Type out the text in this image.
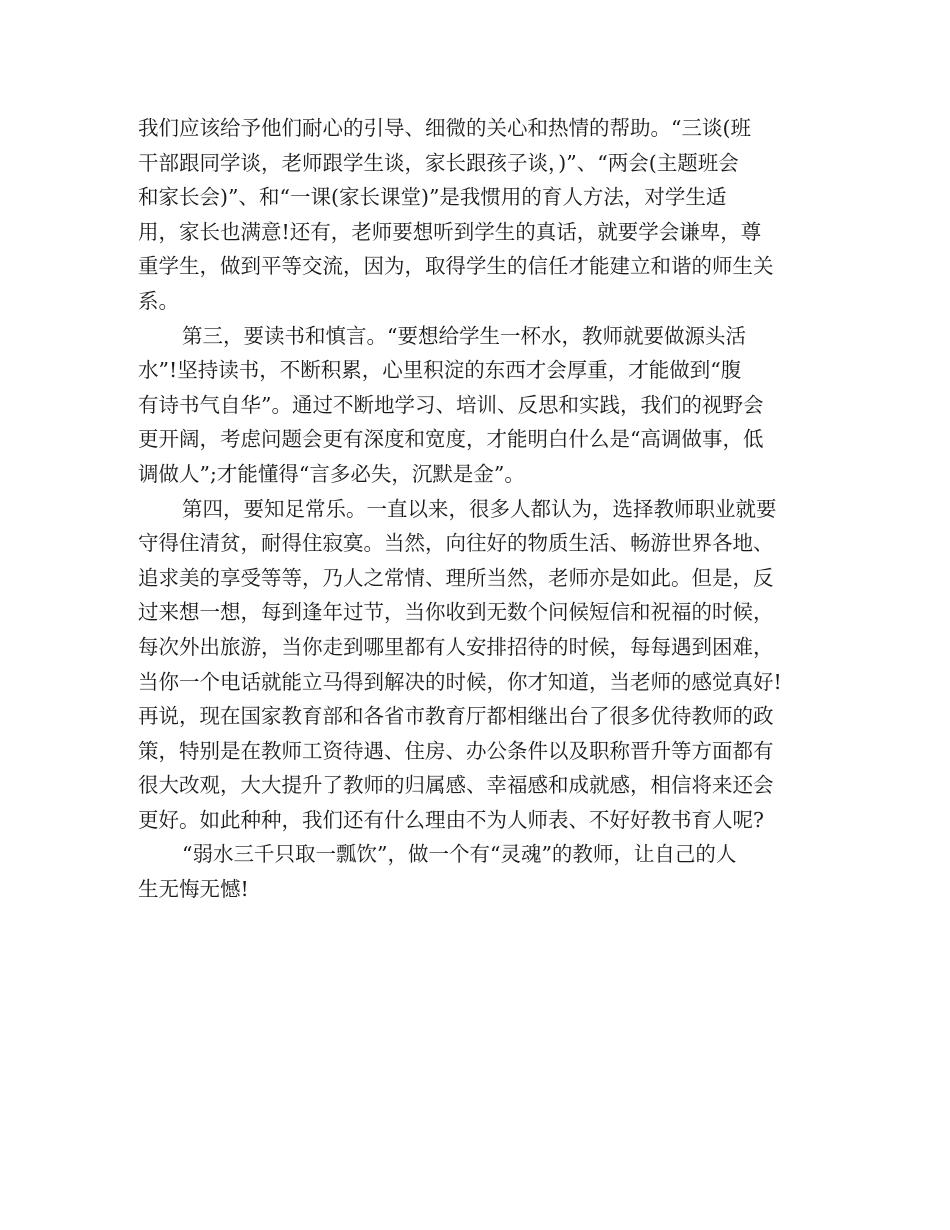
我们应该给予他们耐心的引导、细微的关心和热情的帮助。“三谈(班
干部跟同学谈，老师跟学生谈，家长跟孩子谈，)”、“两会(主题班会
和家长会)”、和“一课(家长课堂)”是我惯用的育人方法，对学生适
用，家长也满意!还有，老师要想听到学生的真话，就要学会谦卑，尊
重学生，做到平等交流，因为，取得学生的信任才能建立和谐的师生关
系。
第三，要读书和慎言。“要想给学生一杯水，教师就要做源头活
水”!坚持读书，不断积累，心里积淀的东西才会厚重，才能做到“腹
有诗书气自华”。通过不断地学习、培训、反思和实践，我们的视野会
更开阔，考虑问题会更有深度和宽度，才能明白什么是“高调做事，低
调做人”;才能懂得“言多必失，沉默是金”。
第四，要知足常乐。一直以来，很多人都认为，选择教师职业就要
守得住清贫，耐得住寂寞。当然，向往好的物质生活、畅游世界各地、
追求美的享受等等，乃人之常情、理所当然，老师亦是如此。但是，反
过来想一想，每到逢年过节，当你收到无数个问候短信和祝福的时候，
每次外出旅游，当你走到哪里都有人安排招待的时候，每每遇到困难，
当你一个电话就能立马得到解决的时候，你才知道，当老师的感觉真好!
再说，现在国家教育部和各省市教育厅都相继出台了很多优待教师的政
策，特别是在教师工资待遇、住房、办公条件以及职称晋升等方面都有
很大改观，大大提升了教师的归属感、幸福感和成就感，相信将来还会
更好。如此种种，我们还有什么理由不为人师表、不好好教书育人呢?
“弱水三千只取一瓢饮”，做一个有“灵魂”的教师，让自己的人
生无悔无憾!
